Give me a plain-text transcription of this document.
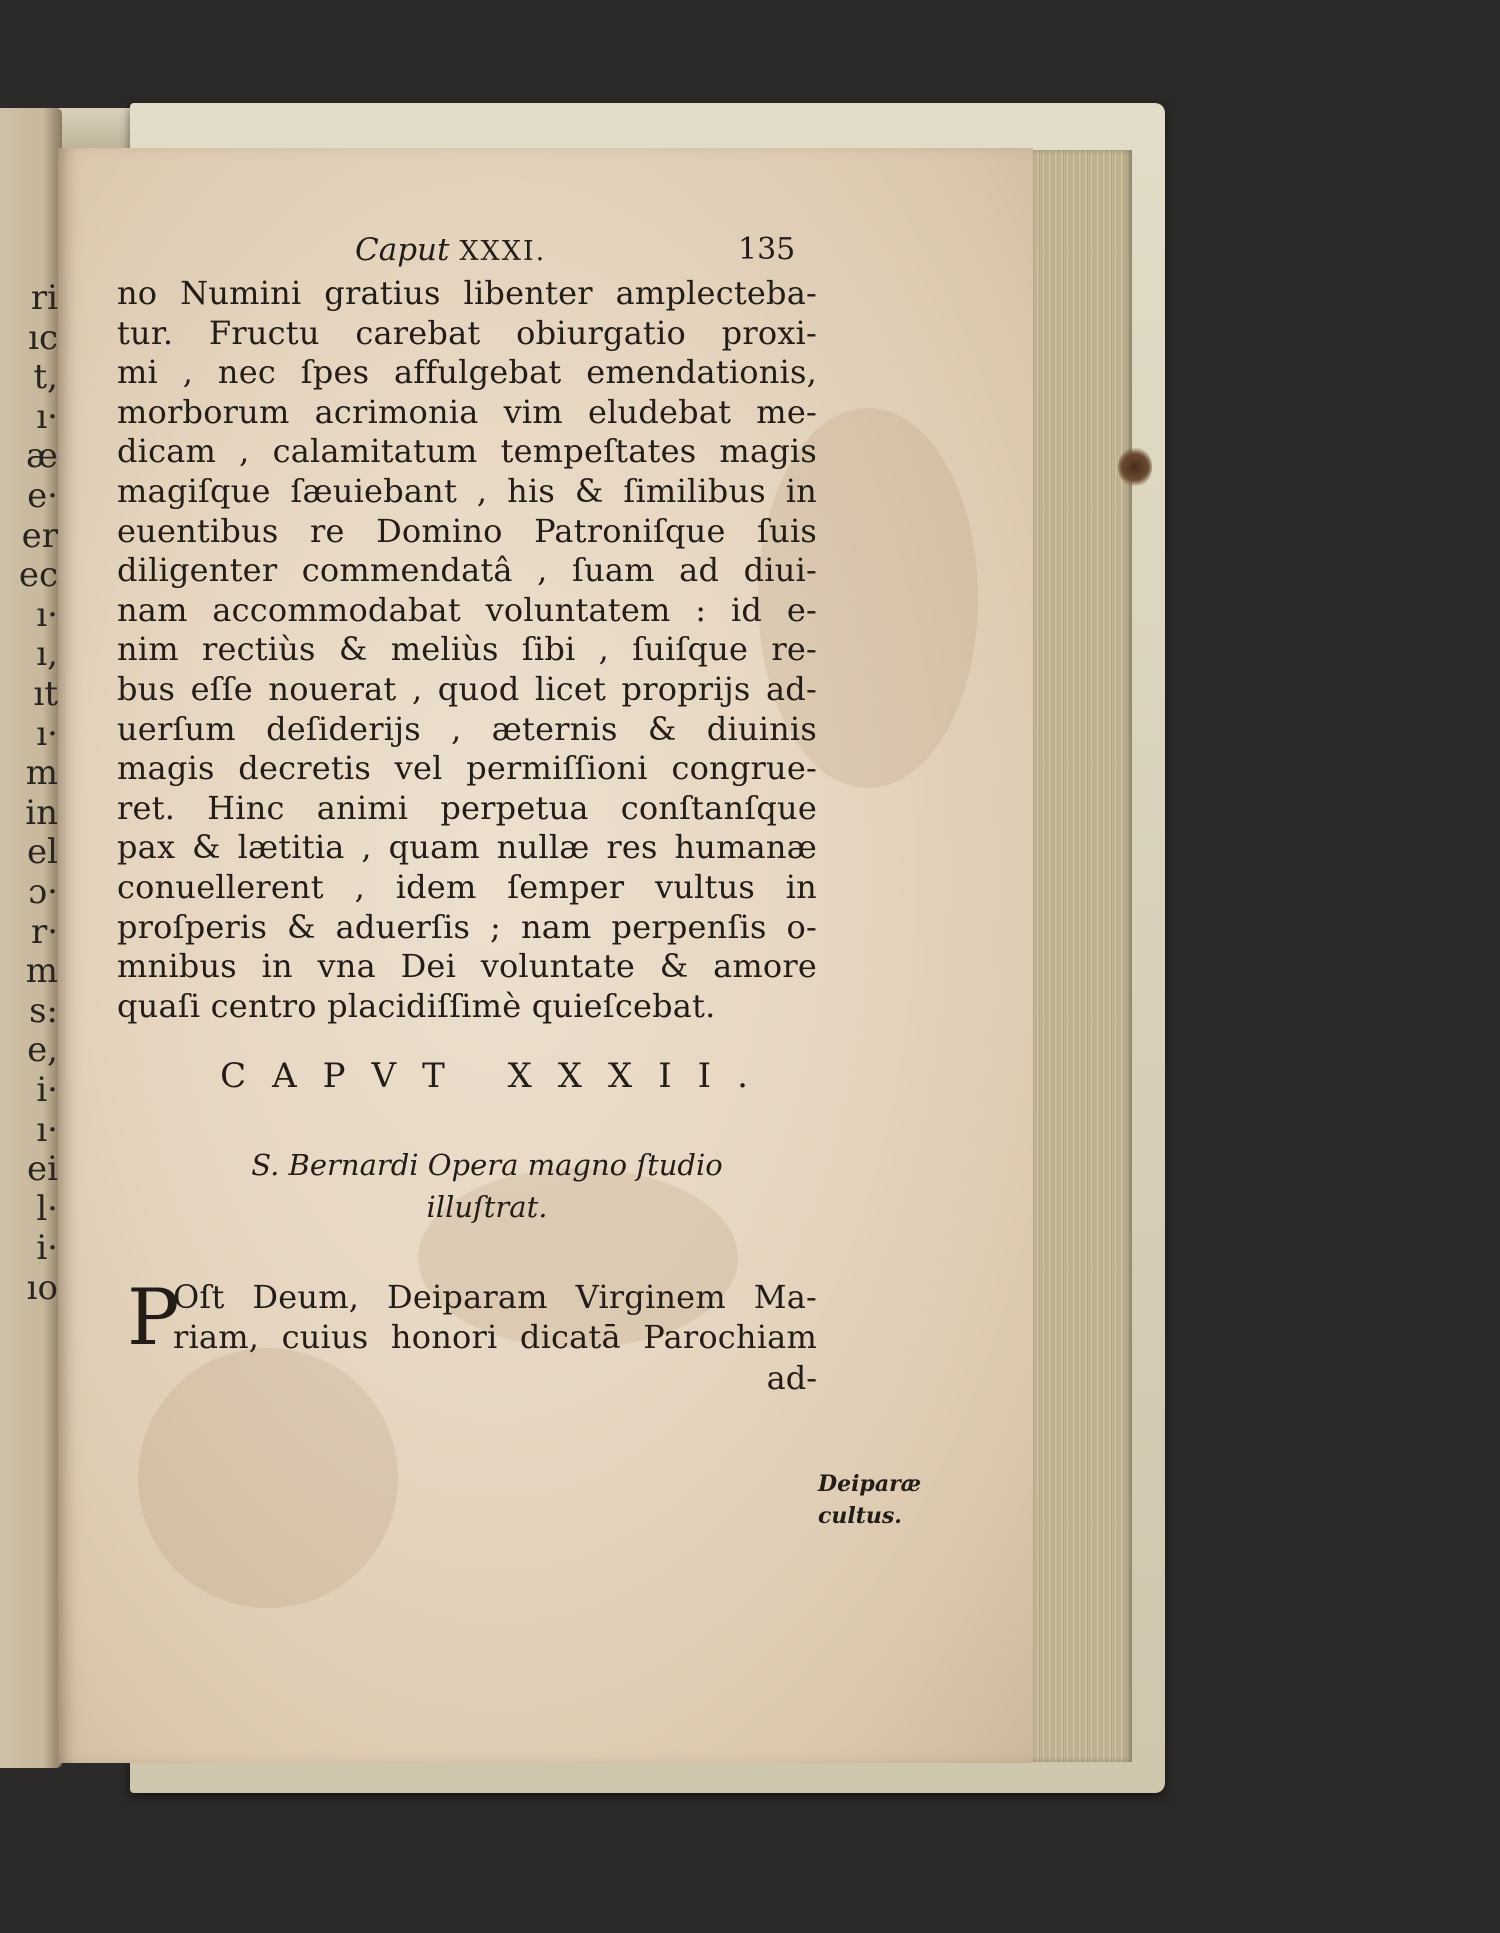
ri
ıc
t,
ı·
æ
e·
er
ec
ı·
ı,
ıt
ı·
m
in
el
ɔ·
r·
m
s:
e,
i·
ı·
ei
l·
i·
ıo
Caput XXXI.	135
no Numini gratius libenter amplecteba-
tur. Fructu carebat obiurgatio proxi-
mi , nec ſpes affulgebat emendationis,
morborum acrimonia vim eludebat me-
dicam , calamitatum tempeſtates magis
magiſque ſæuiebant , his & ſimilibus in
euentibus re Domino Patroniſque ſuis
diligenter commendatâ , ſuam ad diui-
nam accommodabat voluntatem : id e-
nim rectiùs & meliùs ſibi , ſuiſque re-
bus eſſe nouerat , quod licet proprijs ad-
uerſum deſiderijs , æternis & diuinis
magis decretis vel permiſſioni congrue-
ret. Hinc animi perpetua conſtanſque
pax & lætitia , quam nullæ res humanæ
conuellerent , idem ſemper vultus in
proſperis & aduerſis ; nam perpenſis o-
mnibus in vna Dei voluntate & amore
quaſi centro placidiſſimè quieſcebat.
CAPVT XXXII.
S. Bernardi Opera magno ſtudio
illuſtrat.
P
Oſt Deum, Deiparam Virginem Ma-
riam, cuius honori dicatā Parochiam
ad-
Deiparæ
cultus.
